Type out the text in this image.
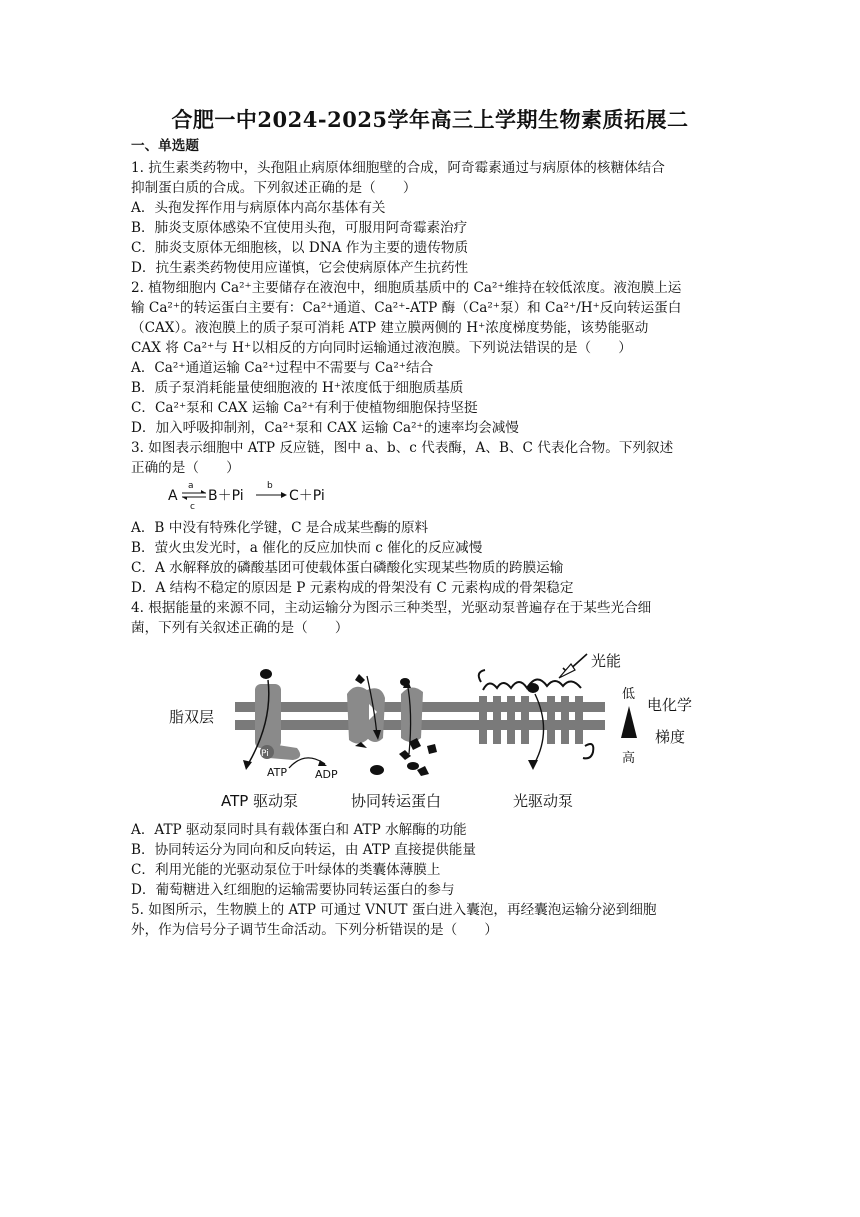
合肥一中2024-2025学年高三上学期生物素质拓展二
一、单选题
1. 抗生素类药物中，头孢阻止病原体细胞壁的合成，阿奇霉素通过与病原体的核糖体结合
抑制蛋白质的合成。下列叙述正确的是（　　）
A．头孢发挥作用与病原体内高尔基体有关
B．肺炎支原体感染不宜使用头孢，可服用阿奇霉素治疗
C．肺炎支原体无细胞核，以 DNA 作为主要的遗传物质
D．抗生素类药物使用应谨慎，它会使病原体产生抗药性
2. 植物细胞内 Ca²⁺主要储存在液泡中，细胞质基质中的 Ca²⁺维持在较低浓度。液泡膜上运
输 Ca²⁺的转运蛋白主要有：Ca²⁺通道、Ca²⁺-ATP 酶（Ca²⁺泵）和 Ca²⁺/H⁺反向转运蛋白
（CAX）。液泡膜上的质子泵可消耗 ATP 建立膜两侧的 H⁺浓度梯度势能，该势能驱动
CAX 将 Ca²⁺与 H⁺以相反的方向同时运输通过液泡膜。下列说法错误的是（　　）
A．Ca²⁺通道运输 Ca²⁺过程中不需要与 Ca²⁺结合
B．质子泵消耗能量使细胞液的 H⁺浓度低于细胞质基质
C．Ca²⁺泵和 CAX 运输 Ca²⁺有利于使植物细胞保持坚挺
D．加入呼吸抑制剂，Ca²⁺泵和 CAX 运输 Ca²⁺的速率均会减慢
3. 如图表示细胞中 ATP 反应链，图中 a、b、c 代表酶，A、B、C 代表化合物。下列叙述
正确的是（　　）
A
a
c
B＋Pi
b
C＋Pi
A．B 中没有特殊化学键，C 是合成某些酶的原料
B．萤火虫发光时，a 催化的反应加快而 c 催化的反应减慢
C．A 水解释放的磷酸基团可使载体蛋白磷酸化实现某些物质的跨膜运输
D．A 结构不稳定的原因是 P 元素构成的骨架没有 C 元素构成的骨架稳定
4. 根据能量的来源不同，主动运输分为图示三种类型，光驱动泵普遍存在于某些光合细
菌，下列有关叙述正确的是（　　）
脂双层
Pi
ATP	ADP
光能
低
高
电化学
梯度
ATP 驱动泵	协同转运蛋白	光驱动泵
A．ATP 驱动泵同时具有载体蛋白和 ATP 水解酶的功能
B．协同转运分为同向和反向转运，由 ATP 直接提供能量
C．利用光能的光驱动泵位于叶绿体的类囊体薄膜上
D．葡萄糖进入红细胞的运输需要协同转运蛋白的参与
5. 如图所示，生物膜上的 ATP 可通过 VNUT 蛋白进入囊泡，再经囊泡运输分泌到细胞
外，作为信号分子调节生命活动。下列分析错误的是（　　）
